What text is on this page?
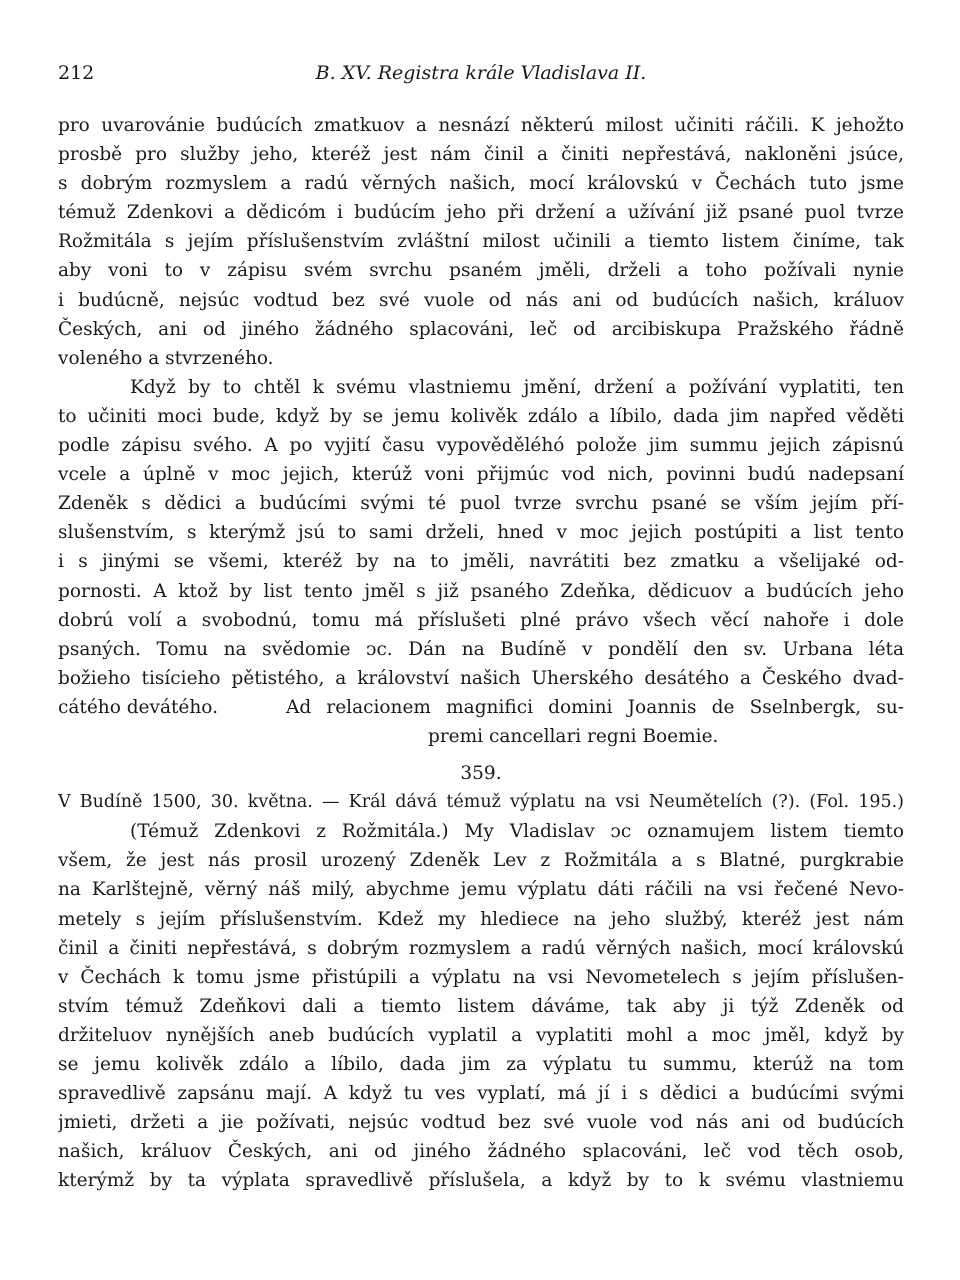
212	B. XV. Registra krále Vladislava II.
pro uvarovánie budúcích zmatkuov a nesnází některú milost učiniti ráčili. K jehožto
prosbě pro služby jeho, kteréž jest nám činil a činiti nepřestává, nakloněni jsúce,
s dobrým rozmyslem a radú věrných našich, mocí královskú v Čechách tuto jsme
témuž Zdenkovi a dědicóm i budúcím jeho při držení a užívání již psané puol tvrze
Rožmitála s jejím příslušenstvím zvláštní milost učinili a tiemto listem činíme, tak
aby voni to v zápisu svém svrchu psaném jměli, drželi a toho požívali nynie
i budúcně, nejsúc vodtud bez své vuole od nás ani od budúcích našich, králuov
Českých, ani od jiného žádného splacováni, leč od arcibiskupa Pražského řádně
voleného a stvrzeného.
Když by to chtěl k svému vlastniemu jmění, držení a požívání vyplatiti, ten
to učiniti moci bude, když by se jemu kolivěk zdálo a líbilo, dada jim napřed věděti
podle zápisu svého. A po vyjití času vypověděléhó polože jim summu jejich zápisnú
vcele a úplně v moc jejich, kterúž voni přijmúc vod nich, povinni budú nadepsaní
Zdeněk s dědici a budúcími svými té puol tvrze svrchu psané se vším jejím pří-
slušenstvím, s kterýmž jsú to sami drželi, hned v moc jejich postúpiti a list tento
i s jinými se všemi, kteréž by na to jměli, navrátiti bez zmatku a všelijaké od-
pornosti. A ktož by list tento jměl s již psaného Zdeňka, dědicuov a budúcích jeho
dobrú volí a svobodnú, tomu má příslušeti plné právo všech věcí nahoře i dole
psaných. Tomu na svědomie ᴐc. Dán na Budíně v pondělí den sv. Urbana léta
božieho tisícieho pětistého, a království našich Uherského desátého a Českého dvad-
cátého devátého.	Ad relacionem magnifici domini Joannis de Sselnbergk, su-
premi cancellari regni Boemie.
359.
V Budíně 1500, 30. května. — Král dává témuž výplatu na vsi Neumětelích (?). (Fol. 195.)
(Témuž Zdenkovi z Rožmitála.) My Vladislav ᴐc oznamujem listem tiemto
všem, že jest nás prosil urozený Zdeněk Lev z Rožmitála a s Blatné, purgkrabie
na Karlštejně, věrný náš milý, abychme jemu výplatu dáti ráčili na vsi řečené Nevo-
metely s jejím příslušenstvím. Kdež my hlediece na jeho službý, kteréž jest nám
činil a činiti nepřestává, s dobrým rozmyslem a radú věrných našich, mocí královskú
v Čechách k tomu jsme přistúpili a výplatu na vsi Nevometelech s jejím příslušen-
stvím témuž Zdeňkovi dali a tiemto listem dáváme, tak aby ji týž Zdeněk od
držiteluov nynějších aneb budúcích vyplatil a vyplatiti mohl a moc jměl, když by
se jemu kolivěk zdálo a líbilo, dada jim za výplatu tu summu, kterúž na tom
spravedlivě zapsánu mají. A když tu ves vyplatí, má jí i s dědici a budúcími svými
jmieti, držeti a jie požívati, nejsúc vodtud bez své vuole vod nás ani od budúcích
našich, králuov Českých, ani od jiného žádného splacováni, leč vod těch osob,
kterýmž by ta výplata spravedlivě příslušela, a když by to k svému vlastniemu
